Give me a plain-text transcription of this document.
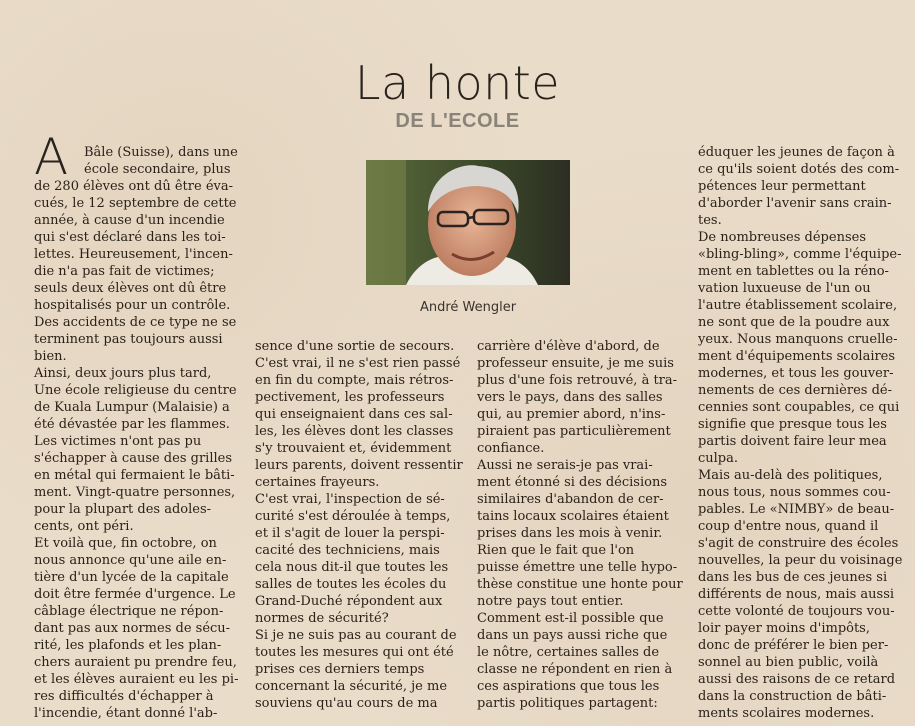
La honte
DE L'ECOLE
A	Bâle (Suisse), dans une
école secondaire, plus
de 280 élèves ont dû être éva-
cués, le 12 septembre de cette
année, à cause d'un incendie
qui s'est déclaré dans les toi-
lettes. Heureusement, l'incen-
die n'a pas fait de victimes;
seuls deux élèves ont dû être
hospitalisés pour un contrôle.
Des accidents de ce type ne se
terminent pas toujours aussi
bien.
Ainsi, deux jours plus tard,
Une école religieuse du centre
de Kuala Lumpur (Malaisie) a
été dévastée par les flammes.
Les victimes n'ont pas pu
s'échapper à cause des grilles
en métal qui fermaient le bâti-
ment. Vingt-quatre personnes,
pour la plupart des adoles-
cents, ont péri.
Et voilà que, fin octobre, on
nous annonce qu'une aile en-
tière d'un lycée de la capitale
doit être fermée d'urgence. Le
câblage électrique ne répon-
dant pas aux normes de sécu-
rité, les plafonds et les plan-
chers auraient pu prendre feu,
et les élèves auraient eu les pi-
res difficultés d'échapper à
l'incendie, étant donné l'ab-
sence d'une sortie de secours.
C'est vrai, il ne s'est rien passé
en fin du compte, mais rétros-
pectivement, les professeurs
qui enseignaient dans ces sal-
les, les élèves dont les classes
s'y trouvaient et, évidemment
leurs parents, doivent ressentir
certaines frayeurs.
C'est vrai, l'inspection de sé-
curité s'est déroulée à temps,
et il s'agit de louer la perspi-
cacité des techniciens, mais
cela nous dit-il que toutes les
salles de toutes les écoles du
Grand-Duché répondent aux
normes de sécurité?
Si je ne suis pas au courant de
toutes les mesures qui ont été
prises ces derniers temps
concernant la sécurité, je me
souviens qu'au cours de ma
carrière d'élève d'abord, de
professeur ensuite, je me suis
plus d'une fois retrouvé, à tra-
vers le pays, dans des salles
qui, au premier abord, n'ins-
piraient pas particulièrement
confiance.
Aussi ne serais-je pas vrai-
ment étonné si des décisions
similaires d'abandon de cer-
tains locaux scolaires étaient
prises dans les mois à venir.
Rien que le fait que l'on
puisse émettre une telle hypo-
thèse constitue une honte pour
notre pays tout entier.
Comment est-il possible que
dans un pays aussi riche que
le nôtre, certaines salles de
classe ne répondent en rien à
ces aspirations que tous les
partis politiques partagent:
éduquer les jeunes de façon à
ce qu'ils soient dotés des com-
pétences leur permettant
d'aborder l'avenir sans crain-
tes.
De nombreuses dépenses
«bling-bling», comme l'équipe-
ment en tablettes ou la réno-
vation luxueuse de l'un ou
l'autre établissement scolaire,
ne sont que de la poudre aux
yeux. Nous manquons cruelle-
ment d'équipements scolaires
modernes, et tous les gouver-
nements de ces dernières dé-
cennies sont coupables, ce qui
signifie que presque tous les
partis doivent faire leur mea
culpa.
Mais au-delà des politiques,
nous tous, nous sommes cou-
pables. Le «NIMBY» de beau-
coup d'entre nous, quand il
s'agit de construire des écoles
nouvelles, la peur du voisinage
dans les bus de ces jeunes si
différents de nous, mais aussi
cette volonté de toujours vou-
loir payer moins d'impôts,
donc de préférer le bien per-
sonnel au bien public, voilà
aussi des raisons de ce retard
dans la construction de bâti-
ments scolaires modernes.
André Wengler
